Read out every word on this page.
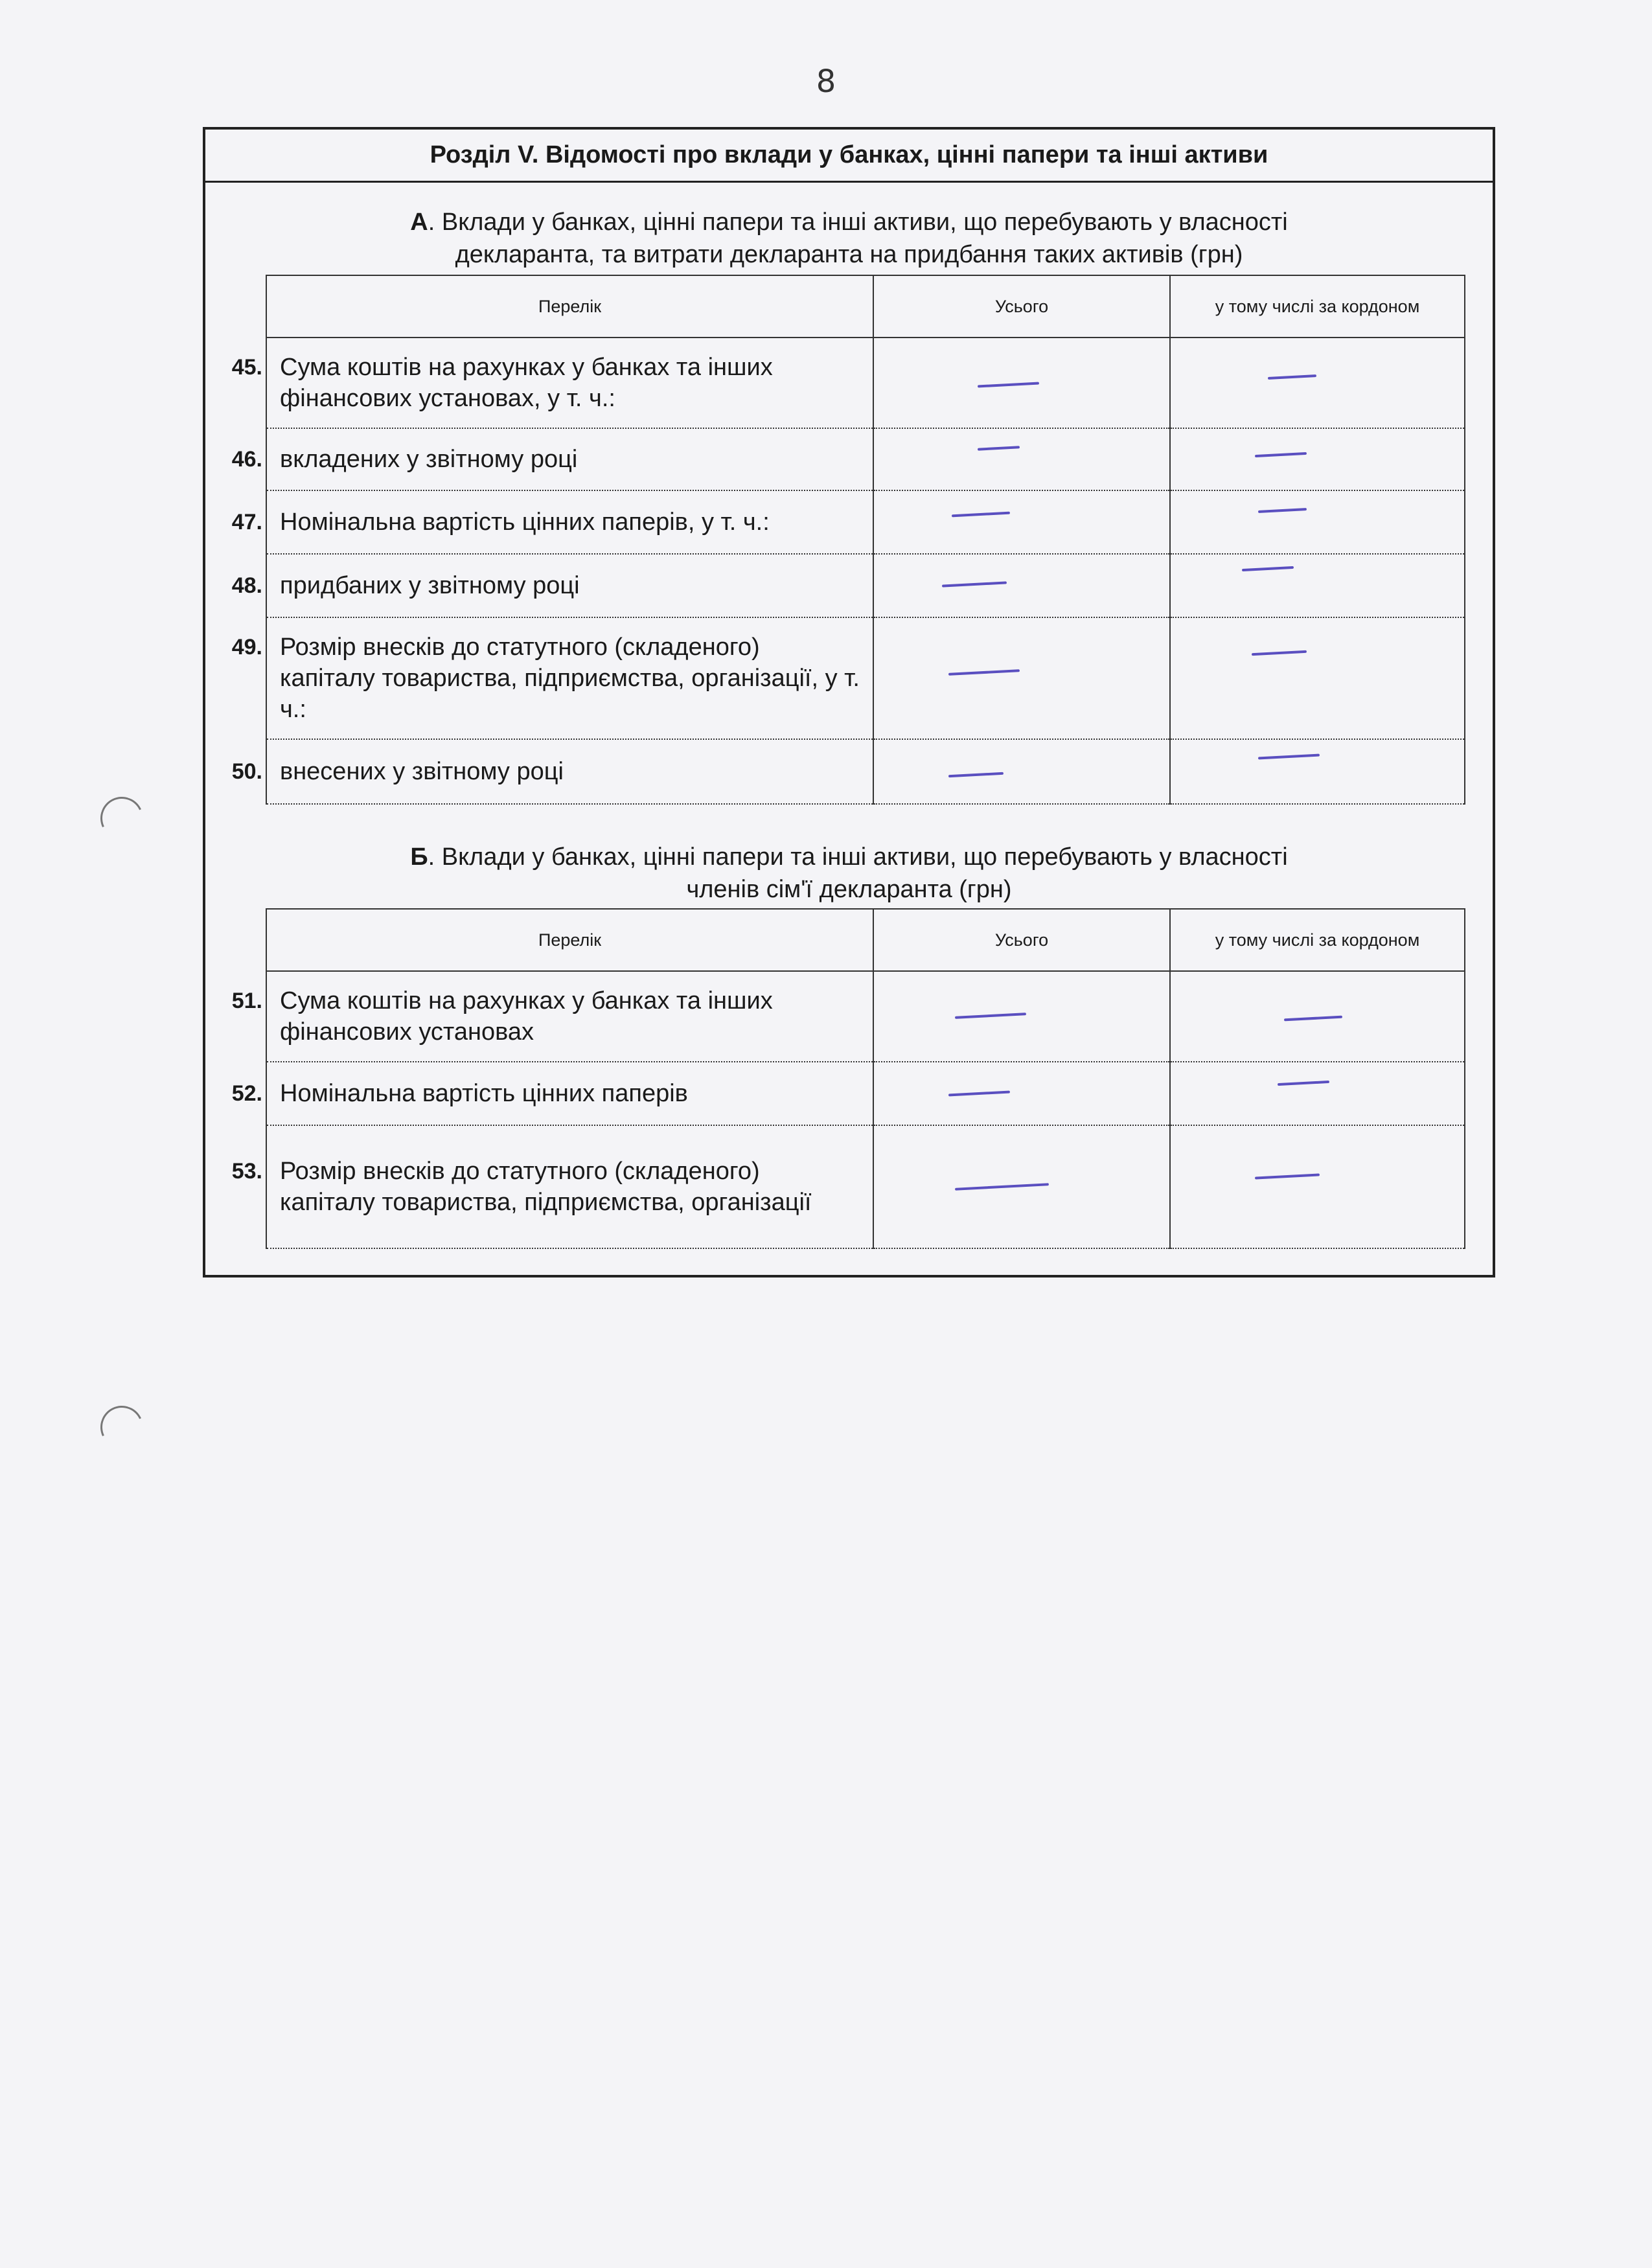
8
Розділ V. Відомості про вклади у банках, цінні папери та інші активи
А. Вклади у банках, цінні папери та інші активи, що перебувають у власності
декларанта, та витрати декларанта на придбання таких активів (грн)
Перелік	Усього	у тому числі за кордоном

45. Сума коштів на рахунках у банках та інших фінансових установах, у т. ч.:	

46. вкладених у звітному році	

47. Номінальна вартість цінних паперів, у т. ч.:	

48. придбаних у звітному році	

49. Розмір внесків до статутного (складеного) капіталу товариства, підприємства, організації, у т. ч.:	

50. внесених у звітному році	

Б. Вклади у банках, цінні папери та інші активи, що перебувають у власності
членів сім'ї декларанта (грн)
Перелік	Усього	у тому числі за кордоном

51. Сума коштів на рахунках у банках та інших фінансових установах	

52. Номінальна вартість цінних паперів	

53. Розмір внесків до статутного (складеного) капіталу товариства, підприємства, організації	
